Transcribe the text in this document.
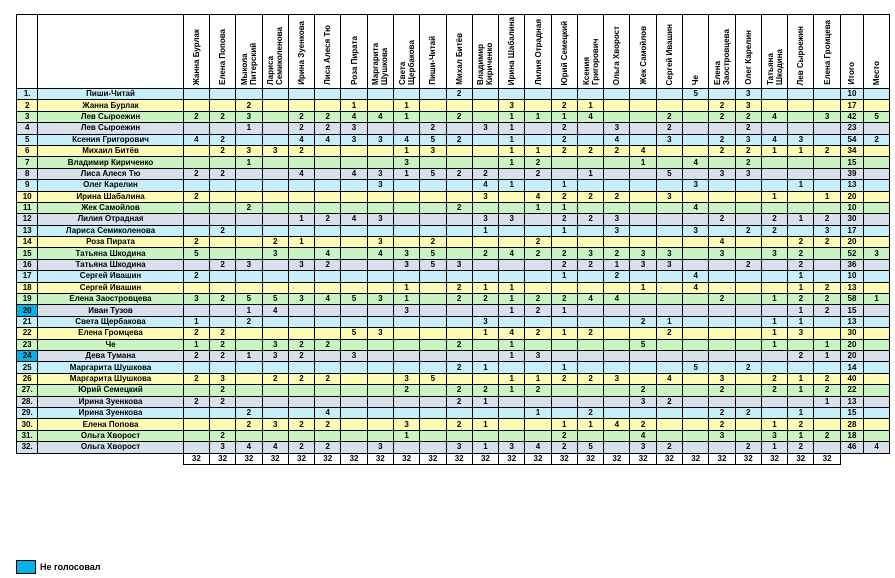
		Жанна Бурлак	Елена Попова	Мыкола Питерский	Лариса Семиколенова	Ирина Зуенкова	Лиса Алеся Тю	Роза Пирата	Маргарита Шушкова	Света Щербакова	Пиши-Читай	Михал Битёв	Владимир Кириченко	Ирина Шабалина	Лилия Отрадная	Юрий Семецкий	Ксения Григорович	Ольга Хворост	Жек Самойлов	Сергей Ивашин	Че	Елена Заостровцева	Олег Карелин	Татьяна Шкодина	Лев Сыроежин	Елена Громцева	Итого	Место
1.	Пиши-Читай											2									5		3				10	
2	Жанна Бурлак			2				1		1				3		2	1					2	3				17	
3	Лев Сыроежин	2	2	3		2	2	4	4	1		2		1	1	1	4			2		2	2	4		3	42	5
4	Лев Сыроежин			1		2	2	3			2		3	1		2		3		2			2				23	
5	Ксения Григорович	4	2			4	4	3	3	4	5	2		1		2		4		3		2	3	4	3		54	2
6	Михаил Битёв		2	3	3	2				1	3			1	1	2	2	2	4			2	2	1	1	2	34	
7	Владимир Кириченко			1						3				1	2				1		4		2				15	
8	Лиса Алеся Тю	2	2			4		4	3	1	5	2	2		2		1			5		3	3				39	
9	Олег Карелин								3				4	1		1					3				1		13	
10	Ирина Шабалина	2											3		4	2	2	2		3				1		1	20	
11	Жек Самойлов			2								2			1	1					4						10	
12	Лилия Отрадная					1	2	4	3				3	3		2	2	3				2		2	1	2	30	
13	Лариса Семиколенова		2										1			1		3			3		2	2		3	17	
14	Роза Пирата	2			2	1			3		2				2							4			2	2	20	
15	Татьяна Шкодина	5			3		4		4	3	5		2	4	2	2	3	2	3	3		3		3	2		52	3
16	Татьяна Шкодина		2	3		3	2			3	5	3				2	2	1	3	3			2		2		36	
17	Сергей Ивашин	2														1		2			4				1		10	
18	Сергей Ивашин									1		2	1	1					1		4				1	2	13	
19	Елена Заостровцева	3	2	5	5	3	4	5	3	1		2	2	1	2	2	4	4				2		1	2	2	58	1
20	Иван Тузов			1	4					3				1	2	1									1	2	15	
21	Света Щербакова	1		2									3						2	1				1	1		13	
22	Елена Громцева	2	2					5	3				1	4	2	1	2			2				1	3		30	
23	Че	1	2		3	2	2					2		1					5					1		1	20	
24	Дева Тумана	2	2	1	3	2		3						1	3										2	1	20	
25	Маргарита Шушкова											2	1			1					5		2				14	
26	Маргарита Шушкова	2	3		2	2	2			3	5			1	1	2	2	3		4		3		2	1	2	40	
27.	Юрий Семецкий		2							2		2	2	1	2				2			2		2	1	2	22	
28.	Ирина Зуенкова	2	2									2	1						3	2						1	13	
29.	Ирина Зуенкова			2			4								1		2					2	2		1		15	
30.	Елена Попова			2	3	2	2			3		2	1			1	1	4	2			2		1	2		28	
31.	Ольга Хворост		2							1						2			4			3		3	1	2	18	
32.	Ольга Хворост		3	4	4	2	2		3			3	1	3	4	2	5		3	2			2	1	2		46	4
		32	32	32	32	32	32	32	32	32	32	32	32	32	32	32	32	32	32	32	32	32	32	32	32	32		
Не голосовал
